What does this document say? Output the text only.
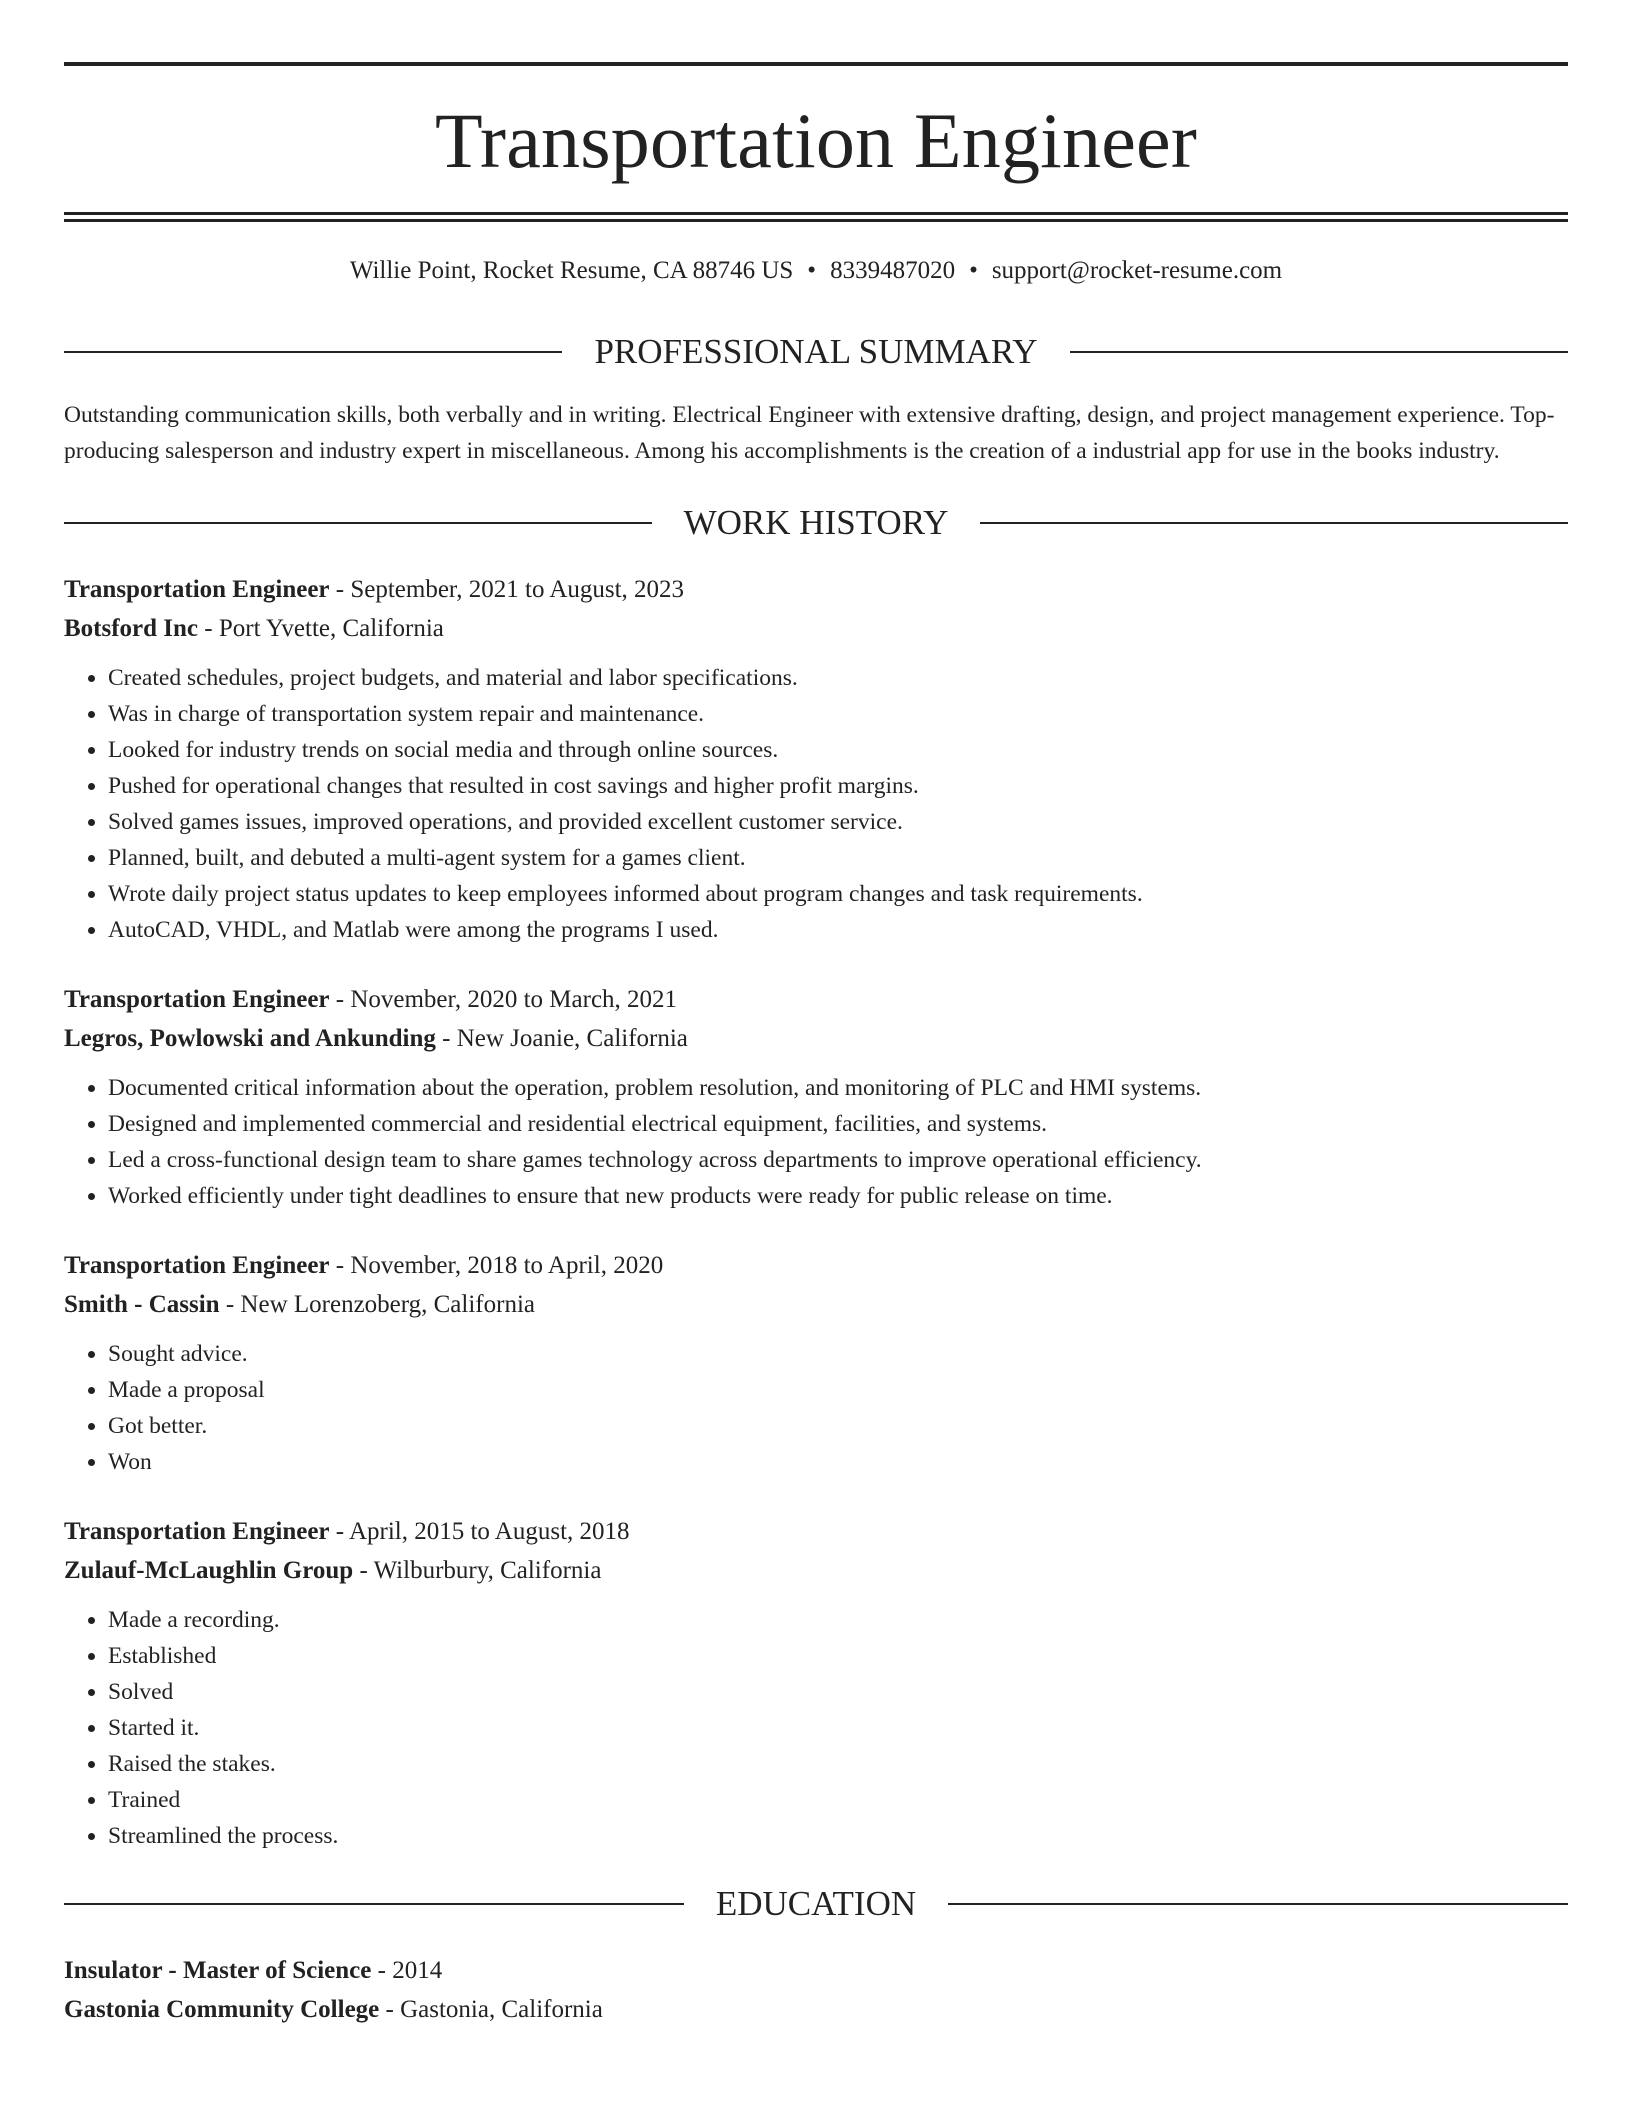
Transportation Engineer
Willie Point, Rocket Resume, CA 88746 US • 8339487020 • support@rocket-resume.com
PROFESSIONAL SUMMARY

Outstanding communication skills, both verbally and in writing. Electrical Engineer with extensive drafting, design, and project management experience. Top-producing salesperson and industry expert in miscellaneous. Among his accomplishments is the creation of a industrial app for use in the books industry.

WORK HISTORY
Transportation Engineer - September, 2021 to August, 2023
Botsford Inc - Port Yvette, California
• Created schedules, project budgets, and material and labor specifications.
• Was in charge of transportation system repair and maintenance.
• Looked for industry trends on social media and through online sources.
• Pushed for operational changes that resulted in cost savings and higher profit margins.
• Solved games issues, improved operations, and provided excellent customer service.
• Planned, built, and debuted a multi-agent system for a games client.
• Wrote daily project status updates to keep employees informed about program changes and task requirements.
• AutoCAD, VHDL, and Matlab were among the programs I used.
Transportation Engineer - November, 2020 to March, 2021
Legros, Powlowski and Ankunding - New Joanie, California
• Documented critical information about the operation, problem resolution, and monitoring of PLC and HMI systems.
• Designed and implemented commercial and residential electrical equipment, facilities, and systems.
• Led a cross-functional design team to share games technology across departments to improve operational efficiency.
• Worked efficiently under tight deadlines to ensure that new products were ready for public release on time.
Transportation Engineer - November, 2018 to April, 2020
Smith - Cassin - New Lorenzoberg, California
• Sought advice.
• Made a proposal
• Got better.
• Won
Transportation Engineer - April, 2015 to August, 2018
Zulauf-McLaughlin Group - Wilburbury, California
• Made a recording.
• Established
• Solved
• Started it.
• Raised the stakes.
• Trained
• Streamlined the process.
EDUCATION
Insulator - Master of Science - 2014
Gastonia Community College - Gastonia, California
